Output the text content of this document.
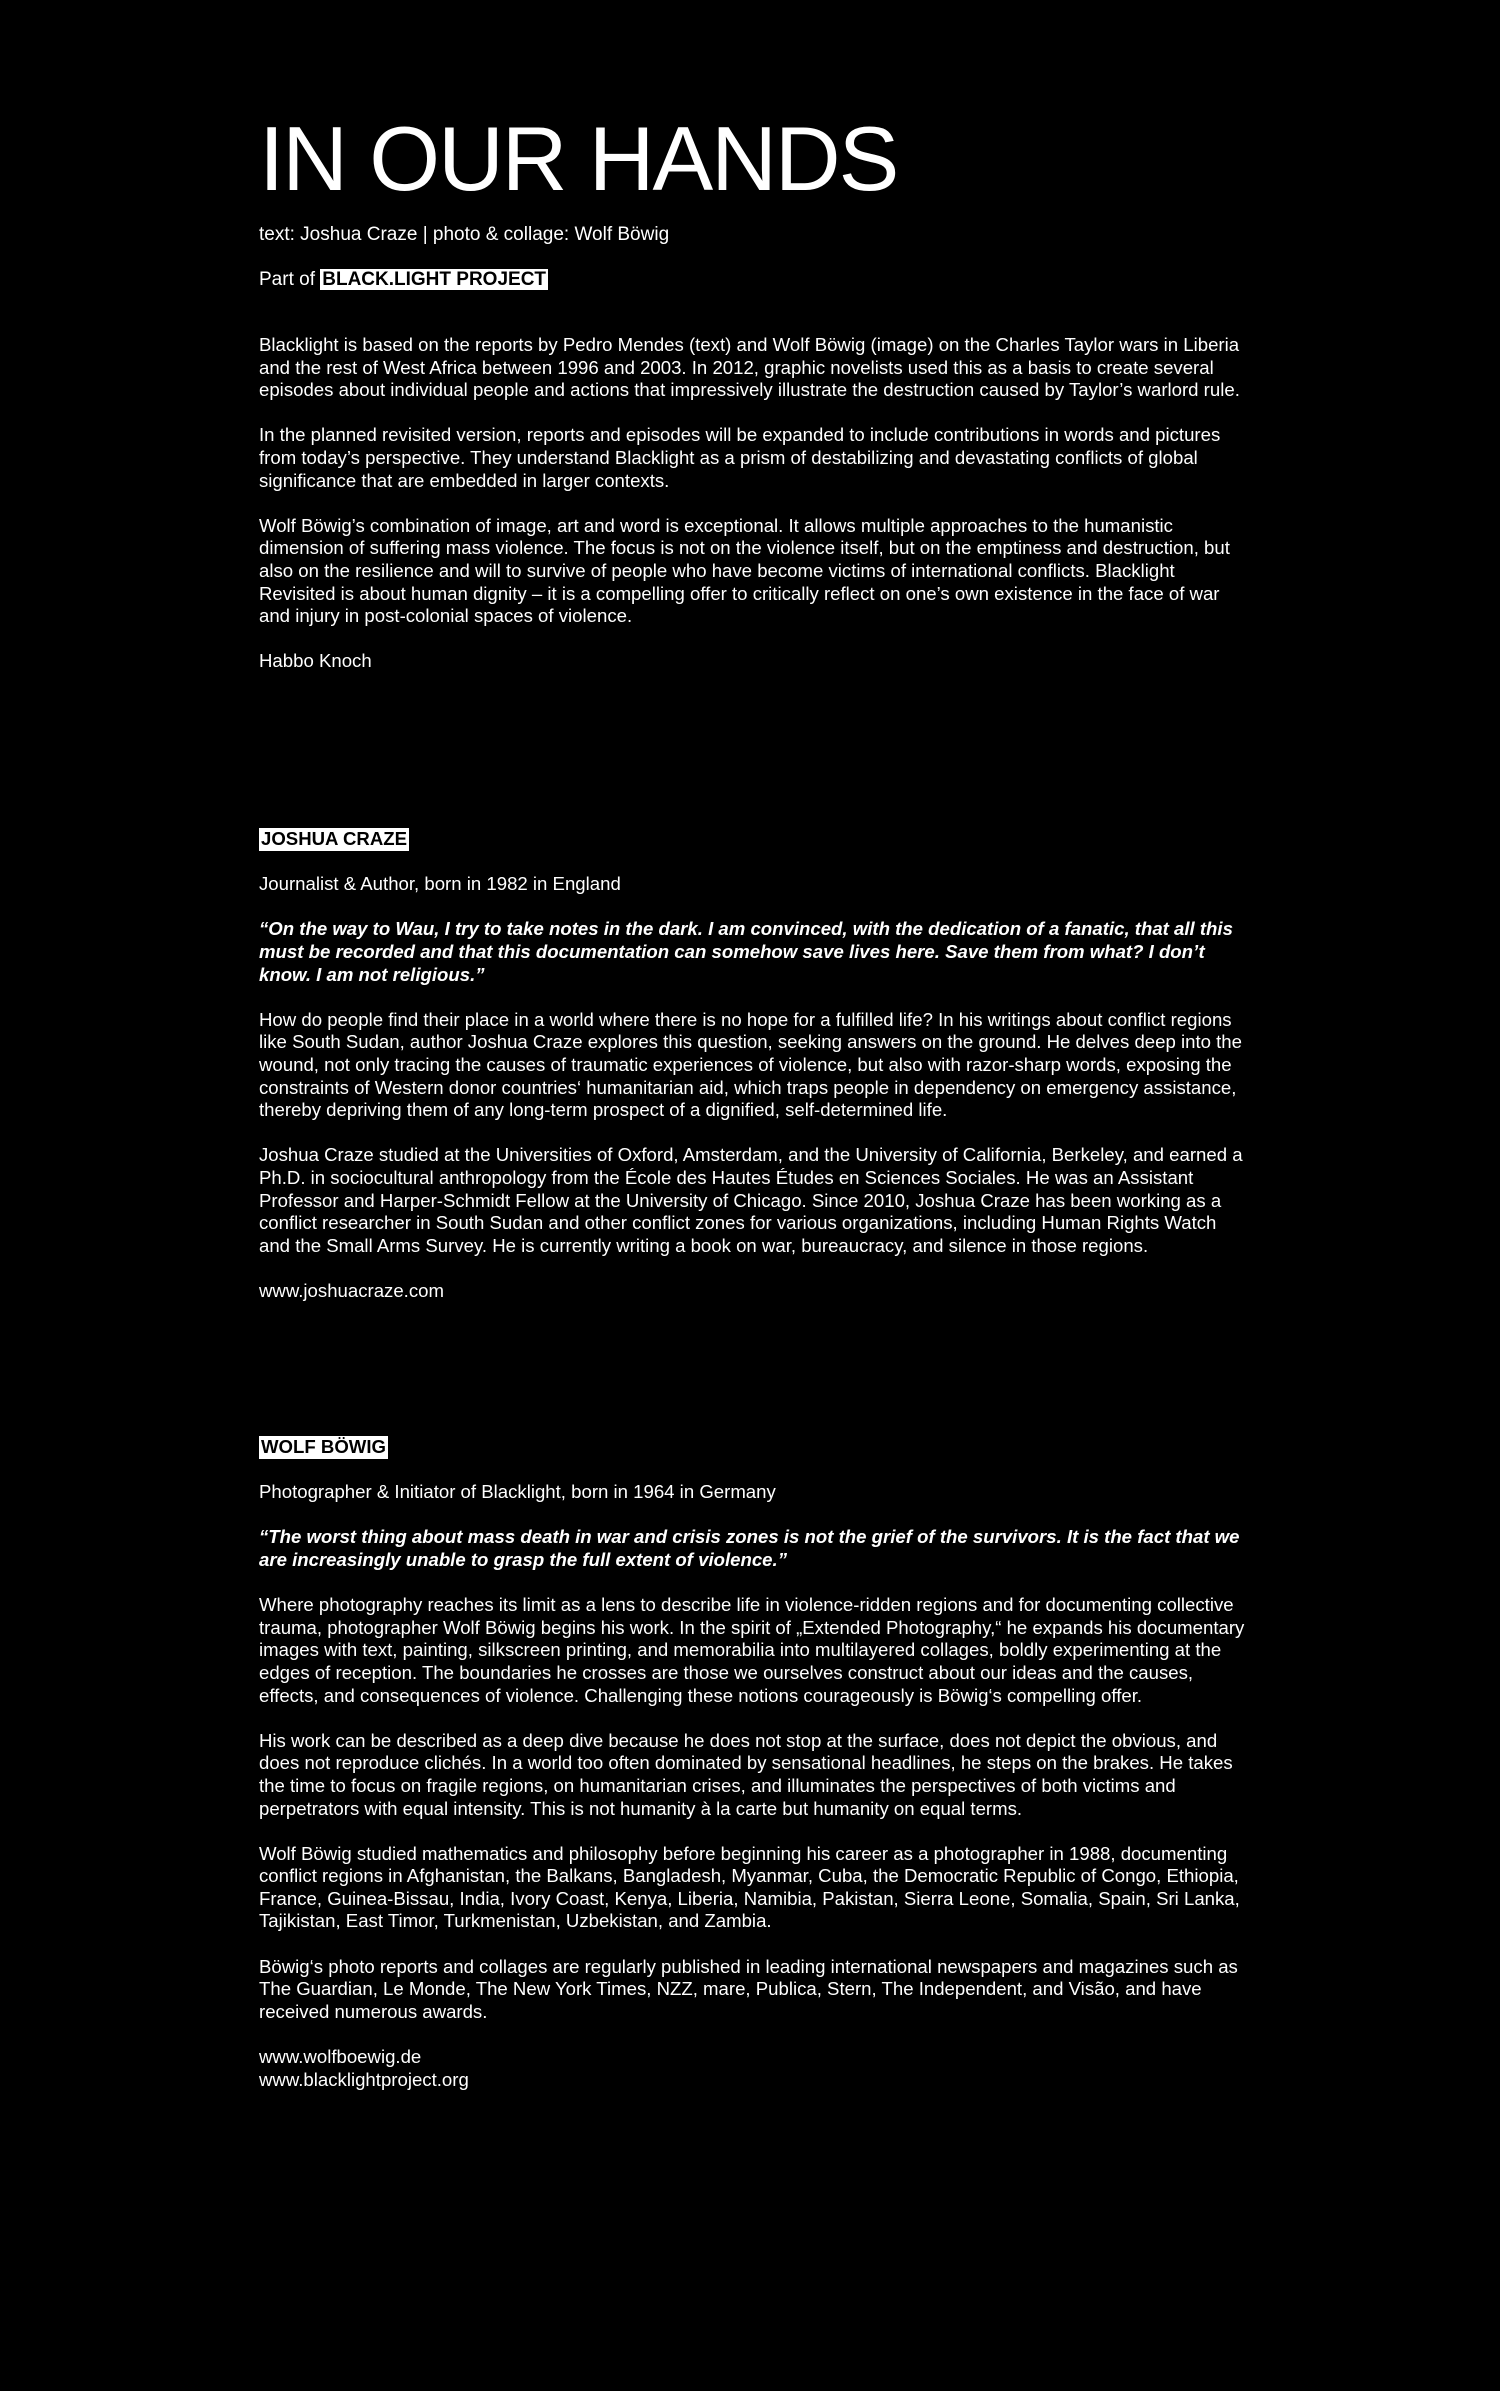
IN OUR HANDS
text: Joshua Craze | photo & collage: Wolf Böwig
Part of BLACK.LIGHT PROJECT

Blacklight is based on the reports by Pedro Mendes (text) and Wolf Böwig (image) on the Charles Taylor wars in Liberia and the rest of West Africa between 1996 and 2003. In 2012, graphic novelists used this as a basis to create several episodes about individual people and actions that impressively illustrate the destruction caused by Taylor’s warlord rule.

In the planned revisited version, reports and episodes will be expanded to include contributions in words and pictures from today’s perspective. They understand Blacklight as a prism of destabilizing and devastating conflicts of global significance that are embedded in larger contexts.

Wolf Böwig’s combination of image, art and word is exceptional. It allows multiple approaches to the humanistic dimension of suffering mass violence. The focus is not on the violence itself, but on the emptiness and destruction, but also on the resilience and will to survive of people who have become victims of international conflicts. Blacklight Revisited is about human dignity – it is a compelling offer to critically reflect on one’s own existence in the face of war and injury in post-colonial spaces of violence.

Habbo Knoch

JOSHUA CRAZE

Journalist & Author, born in 1982 in England

“On the way to Wau, I try to take notes in the dark. I am convinced, with the dedication of a fanatic, that all this must be recorded and that this documentation can somehow save lives here. Save them from what? I don’t know. I am not religious.”

How do people find their place in a world where there is no hope for a fulfilled life? In his writings about conflict regions like South Sudan, author Joshua Craze explores this question, seeking answers on the ground. He delves deep into the wound, not only tracing the causes of traumatic experiences of violence, but also with razor-sharp words, exposing the constraints of Western donor countries‘ humanitarian aid, which traps people in dependency on emergency assistance, thereby depriving them of any long-term prospect of a dignified, self-determined life.

Joshua Craze studied at the Universities of Oxford, Amsterdam, and the University of California, Berkeley, and earned a Ph.D. in sociocultural anthropology from the École des Hautes Études en Sciences Sociales. He was an Assistant Professor and Harper-Schmidt Fellow at the University of Chicago. Since 2010, Joshua Craze has been working as a conflict researcher in South Sudan and other conflict zones for various organizations, including Human Rights Watch and the Small Arms Survey. He is currently writing a book on war, bureaucracy, and silence in those regions.

www.joshuacraze.com

WOLF BÖWIG

Photographer & Initiator of Blacklight, born in 1964 in Germany

“The worst thing about mass death in war and crisis zones is not the grief of the survivors. It is the fact that we are increasingly unable to grasp the full extent of violence.”

Where photography reaches its limit as a lens to describe life in violence-ridden regions and for documenting collective trauma, photographer Wolf Böwig begins his work. In the spirit of „Extended Photography,“ he expands his documentary images with text, painting, silkscreen printing, and memorabilia into multilayered collages, boldly experimenting at the edges of reception. The boundaries he crosses are those we ourselves construct about our ideas and the causes, effects, and consequences of violence. Challenging these notions courageously is Böwig‘s compelling offer.

His work can be described as a deep dive because he does not stop at the surface, does not depict the obvious, and does not reproduce clichés. In a world too often dominated by sensational headlines, he steps on the brakes. He takes the time to focus on fragile regions, on humanitarian crises, and illuminates the perspectives of both victims and perpetrators with equal intensity. This is not humanity à la carte but humanity on equal terms.

Wolf Böwig studied mathematics and philosophy before beginning his career as a photographer in 1988, documenting conflict regions in Afghanistan, the Balkans, Bangladesh, Myanmar, Cuba, the Democratic Republic of Congo, Ethiopia, France, Guinea-Bissau, India, Ivory Coast, Kenya, Liberia, Namibia, Pakistan, Sierra Leone, Somalia, Spain, Sri Lanka, Tajikistan, East Timor, Turkmenistan, Uzbekistan, and Zambia.

Böwig‘s photo reports and collages are regularly published in leading international newspapers and magazines such as The Guardian, Le Monde, The New York Times, NZZ, mare, Publica, Stern, The Independent, and Visão, and have received numerous awards.

www.wolfboewig.de
www.blacklightproject.org
